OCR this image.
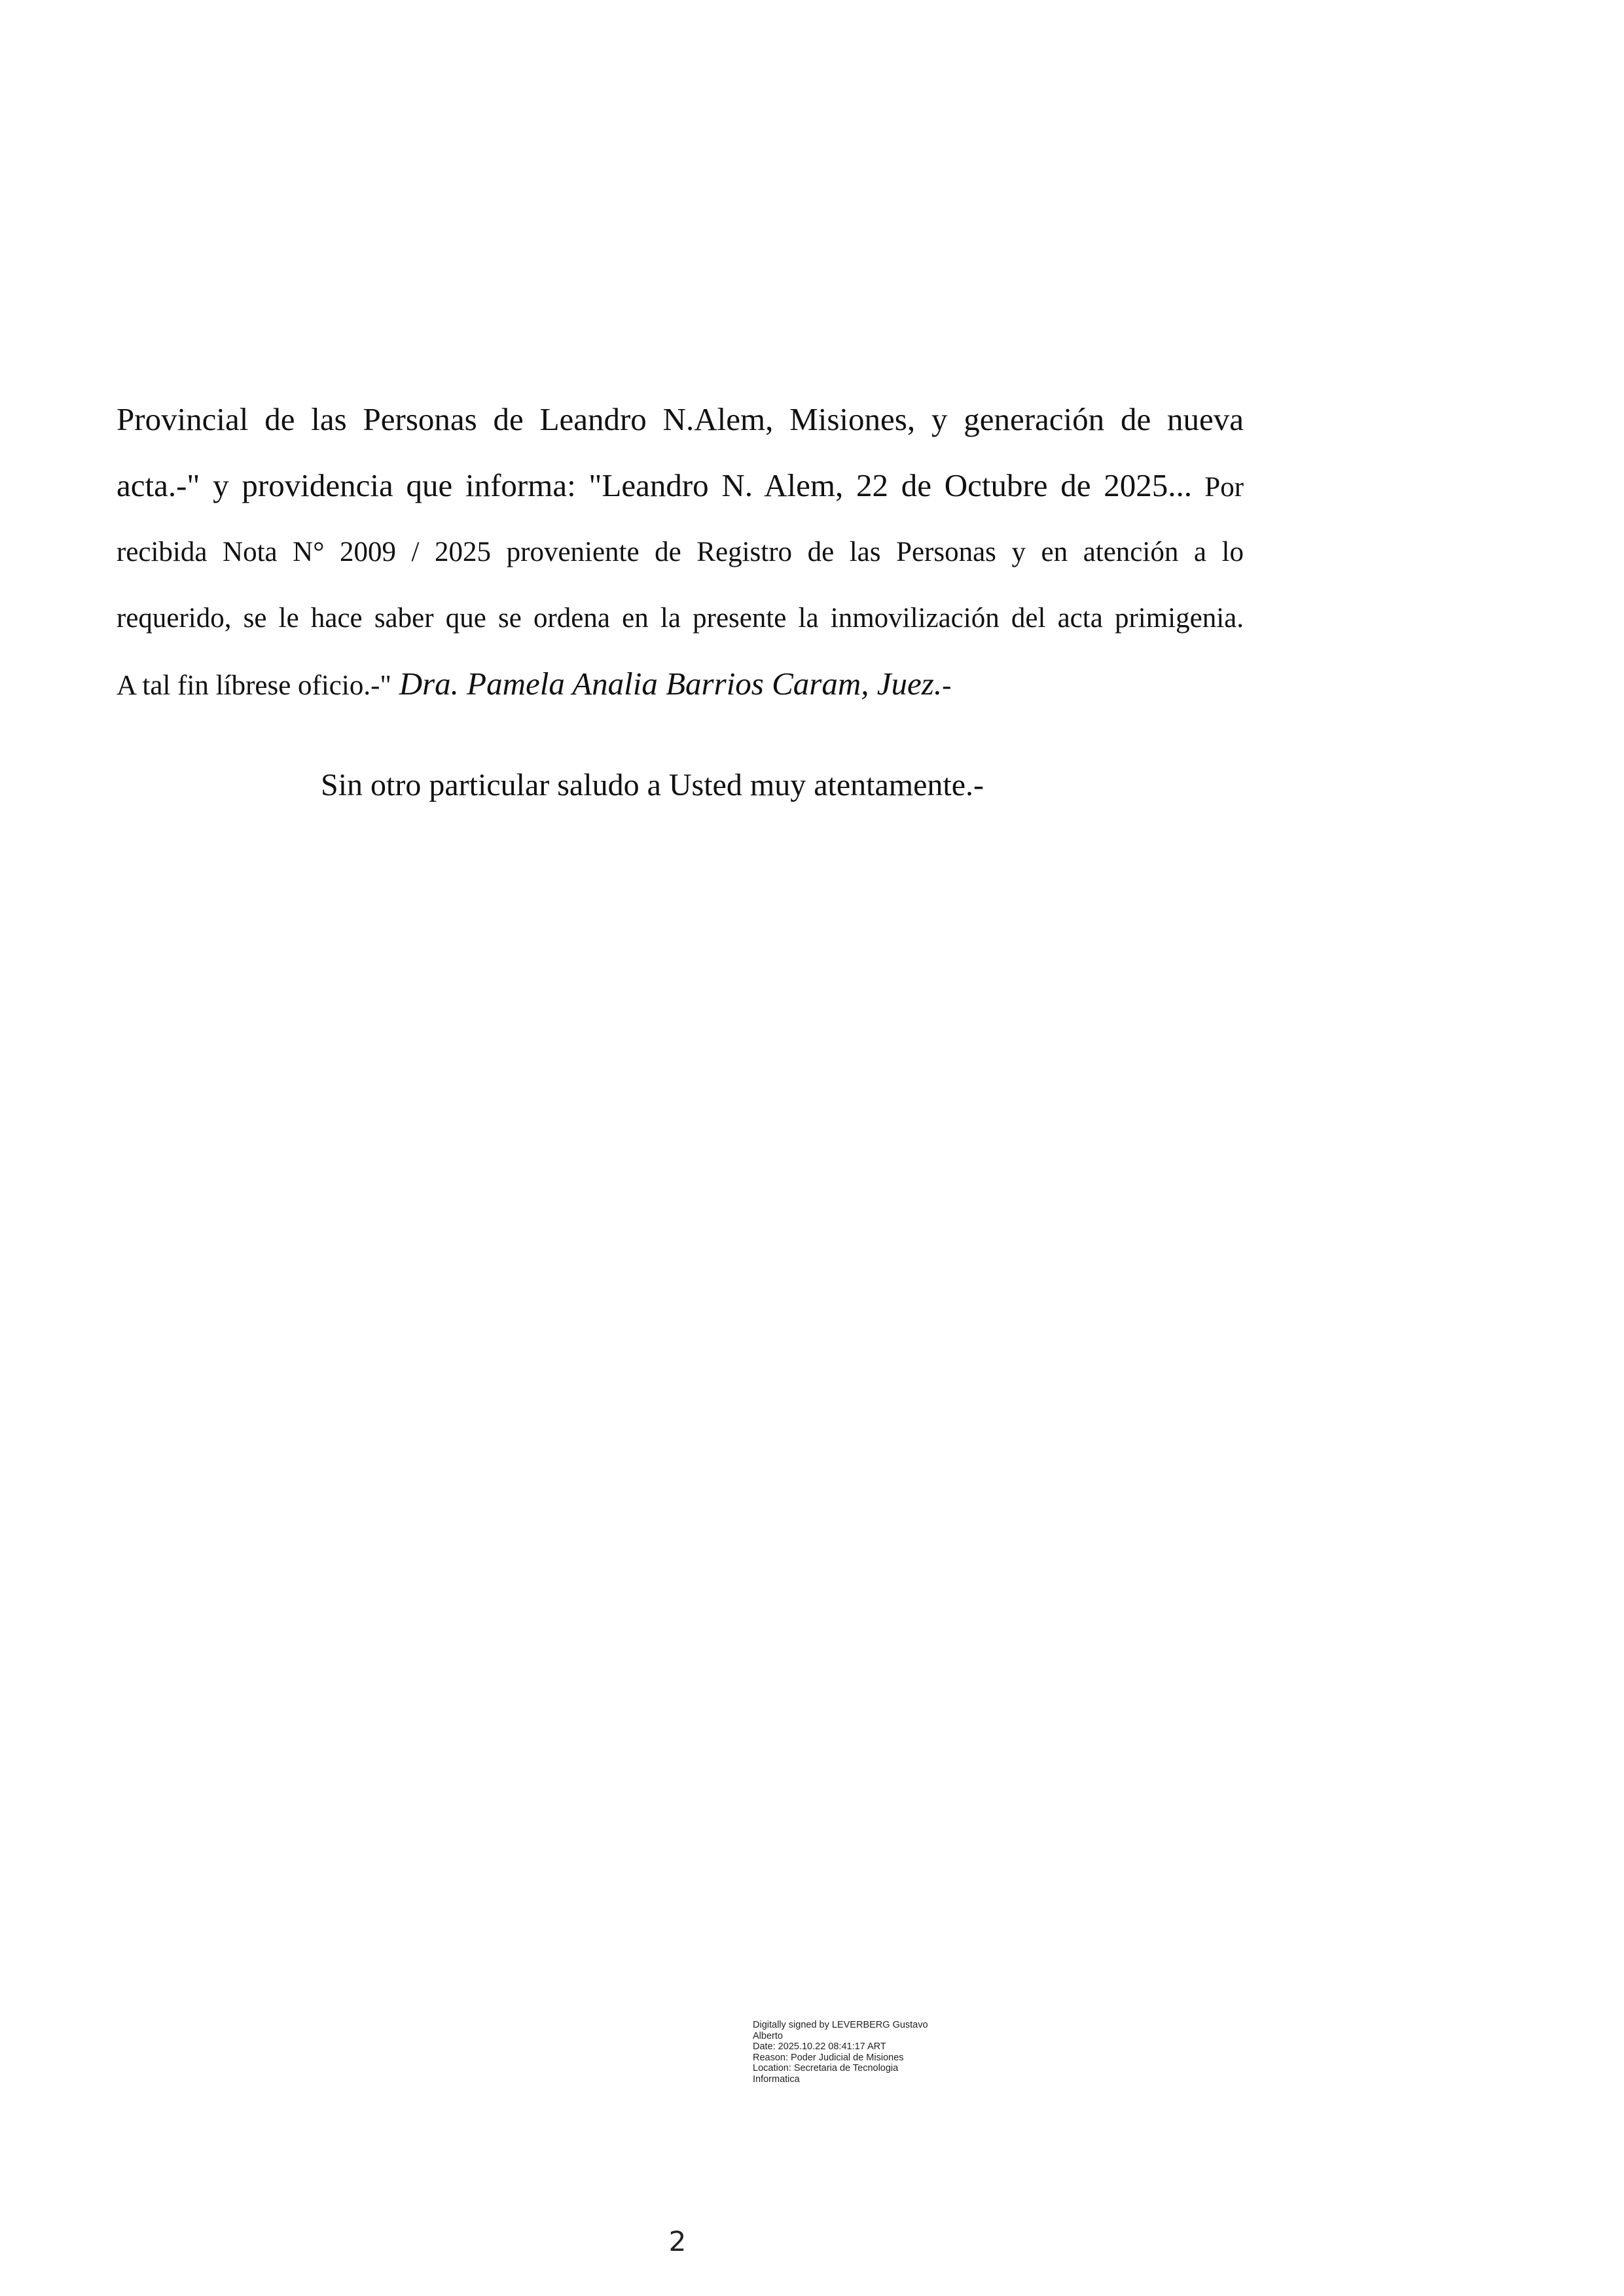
Provincial de las Personas de Leandro N.Alem, Misiones, y generación de nueva
acta.-" y providencia que informa: "Leandro N. Alem, 22 de Octubre de 2025... Por
recibida Nota N° 2009 / 2025 proveniente de Registro de las Personas y en atención a lo
requerido, se le hace saber que se ordena en la presente la inmovilización del acta primigenia.
A tal fin líbrese oficio.-" Dra. Pamela Analia Barrios Caram, Juez.-
Sin otro particular saludo a Usted muy atentamente.-
Digitally signed by LEVERBERG Gustavo
Alberto
Date: 2025.10.22 08:41:17 ART
Reason: Poder Judicial de Misiones
Location: Secretaria de Tecnologia
Informatica
2
